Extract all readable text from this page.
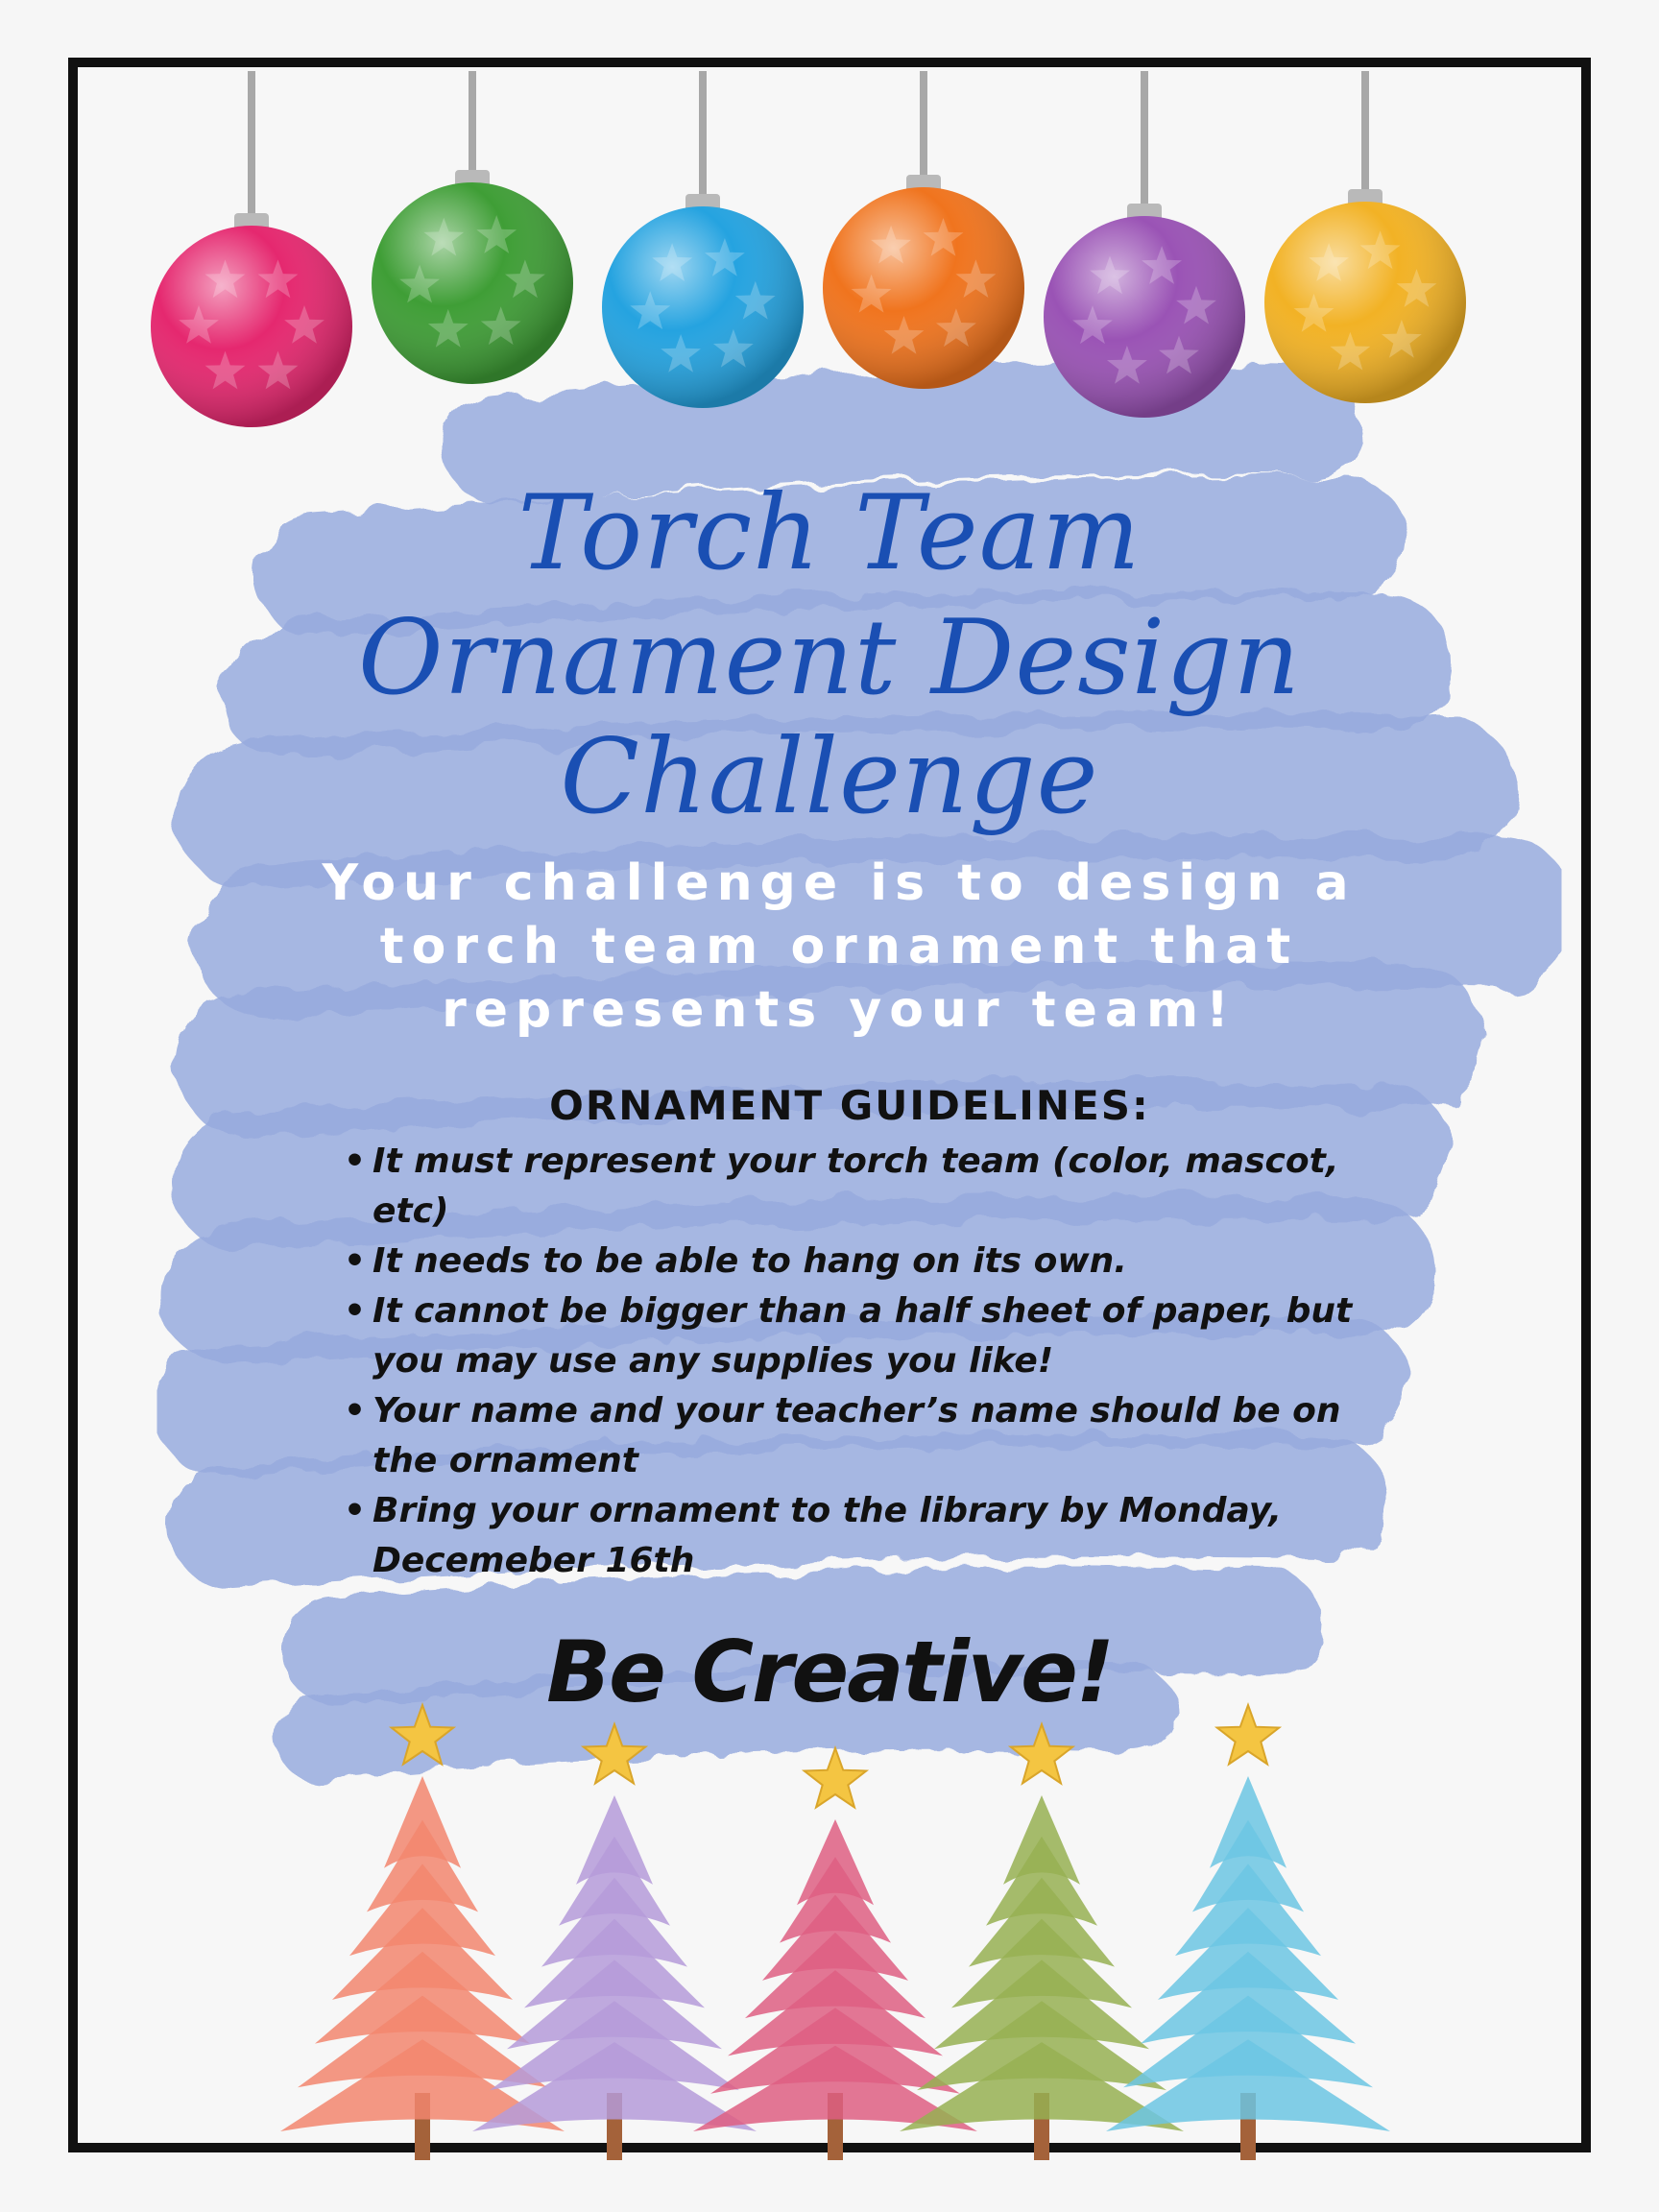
Torch Team
Ornament Design
Challenge
Your challenge is to design a
torch team ornament that
represents your team!
ORNAMENT GUIDELINES:
• It must represent your torch team (color, mascot, etc)
• It needs to be able to hang on its own.
• It cannot be bigger than a half sheet of paper, but you may use any supplies you like!
• Your name and your teacher’s name should be on the ornament
• Bring your ornament to the library by Monday, Decemeber 16th
Be Creative!
